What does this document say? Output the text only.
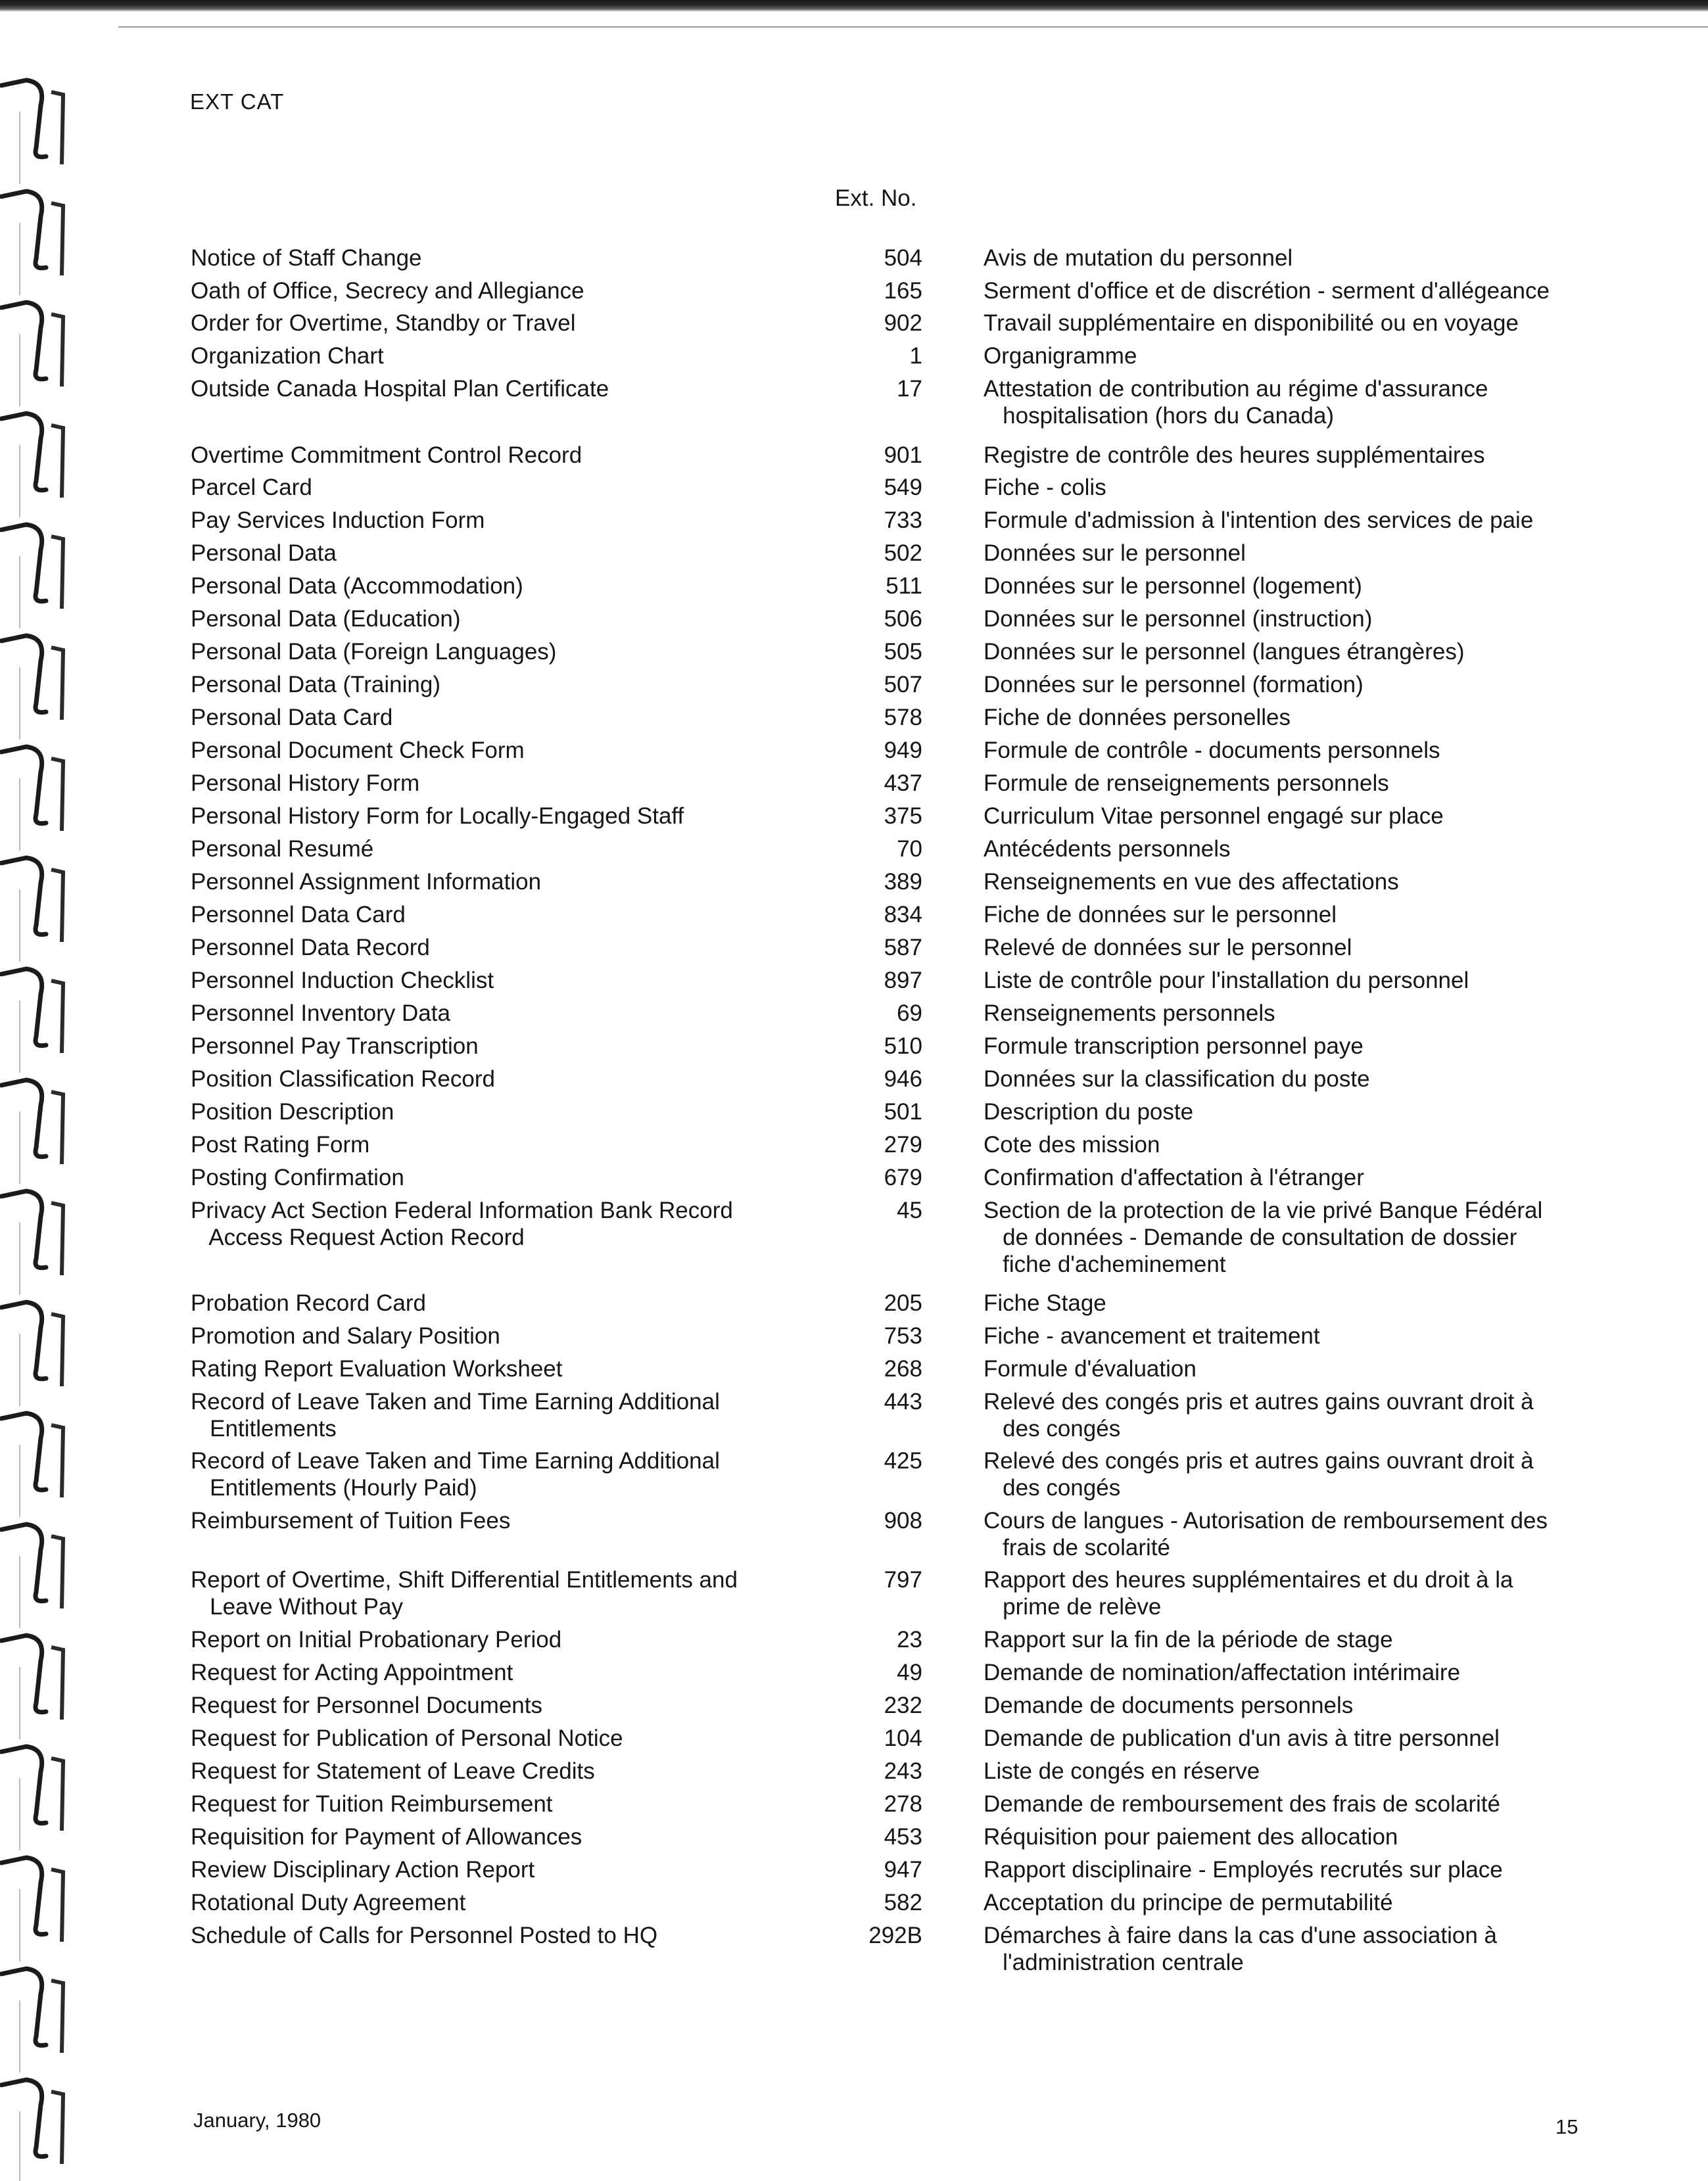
EXT CAT
Ext. No.
Notice of Staff Change	504	Avis de mutation du personnel
Oath of Office, Secrecy and Allegiance	165	Serment d'office et de discrétion - serment d'allégeance
Order for Overtime, Standby or Travel	902	Travail supplémentaire en disponibilité ou en voyage
Organization Chart	1	Organigramme
Outside Canada Hospital Plan Certificate	17	Attestation de contribution au régime d'assurance
hospitalisation (hors du Canada)
Overtime Commitment Control Record	901	Registre de contrôle des heures supplémentaires
Parcel Card	549	Fiche - colis
Pay Services Induction Form	733	Formule d'admission à l'intention des services de paie
Personal Data	502	Données sur le personnel
Personal Data (Accommodation)	511	Données sur le personnel (logement)
Personal Data (Education)	506	Données sur le personnel (instruction)
Personal Data (Foreign Languages)	505	Données sur le personnel (langues étrangères)
Personal Data (Training)	507	Données sur le personnel (formation)
Personal Data Card	578	Fiche de données personelles
Personal Document Check Form	949	Formule de contrôle - documents personnels
Personal History Form	437	Formule de renseignements personnels
Personal History Form for Locally-Engaged Staff	375	Curriculum Vitae personnel engagé sur place
Personal Resumé	70	Antécédents personnels
Personnel Assignment Information	389	Renseignements en vue des affectations
Personnel Data Card	834	Fiche de données sur le personnel
Personnel Data Record	587	Relevé de données sur le personnel
Personnel Induction Checklist	897	Liste de contrôle pour l'installation du personnel
Personnel Inventory Data	69	Renseignements personnels
Personnel Pay Transcription	510	Formule transcription personnel paye
Position Classification Record	946	Données sur la classification du poste
Position Description	501	Description du poste
Post Rating Form	279	Cote des mission
Posting Confirmation	679	Confirmation d'affectation à l'étranger
Privacy Act Section Federal Information Bank Record
Access Request Action Record
45	Section de la protection de la vie privé Banque Fédéral
de données - Demande de consultation de dossier
fiche d'acheminement
Probation Record Card	205	Fiche Stage
Promotion and Salary Position	753	Fiche - avancement et traitement
Rating Report Evaluation Worksheet	268	Formule d'évaluation
Record of Leave Taken and Time Earning Additional
Entitlements
443	Relevé des congés pris et autres gains ouvrant droit à
des congés
Record of Leave Taken and Time Earning Additional
Entitlements (Hourly Paid)
425	Relevé des congés pris et autres gains ouvrant droit à
des congés
Reimbursement of Tuition Fees	908	Cours de langues - Autorisation de remboursement des
frais de scolarité
Report of Overtime, Shift Differential Entitlements and
Leave Without Pay
797	Rapport des heures supplémentaires et du droit à la
prime de relève
Report on Initial Probationary Period	23	Rapport sur la fin de la période de stage
Request for Acting Appointment	49	Demande de nomination/affectation intérimaire
Request for Personnel Documents	232	Demande de documents personnels
Request for Publication of Personal Notice	104	Demande de publication d'un avis à titre personnel
Request for Statement of Leave Credits	243	Liste de congés en réserve
Request for Tuition Reimbursement	278	Demande de remboursement des frais de scolarité
Requisition for Payment of Allowances	453	Réquisition pour paiement des allocation
Review Disciplinary Action Report	947	Rapport disciplinaire - Employés recrutés sur place
Rotational Duty Agreement	582	Acceptation du principe de permutabilité
Schedule of Calls for Personnel Posted to HQ	292B	Démarches à faire dans la cas d'une association à
l'administration centrale
January, 1980	15
